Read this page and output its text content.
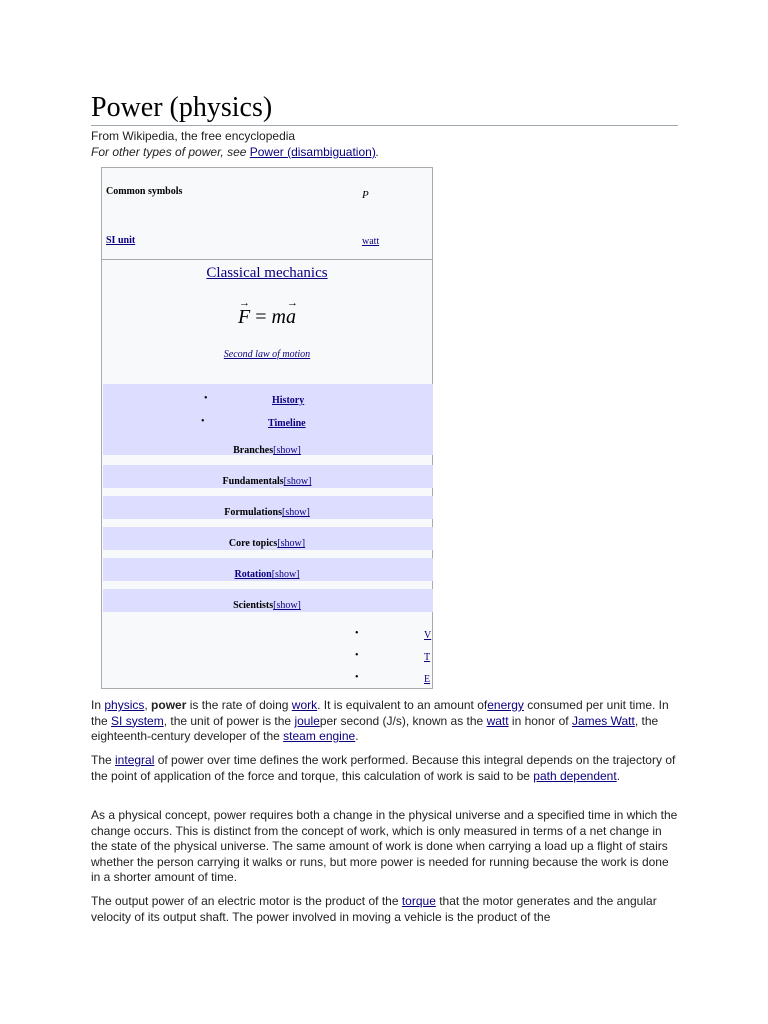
Power (physics)
From Wikipedia, the free encyclopedia
For other types of power, see Power (disambiguation).
Common symbols	P
SI unit	watt
Classical mechanics
→ F = m→ a
Second law of motion
•	History
•	Timeline
Branches[show]
Fundamentals[show]
Formulations[show]
Core topics[show]
Rotation[show]
Scientists[show]
•	V
•	T
•	E

In physics, power is the rate of doing work. It is equivalent to an amount ofenergy consumed per unit time. In the SI system, the unit of power is the jouleper second (J/s), known as the watt in honor of James Watt, the eighteenth-century developer of the steam engine.

The integral of power over time defines the work performed. Because this integral depends on the trajectory of the point of application of the force and torque, this calculation of work is said to be path dependent.

As a physical concept, power requires both a change in the physical universe and a specified time in which the change occurs. This is distinct from the concept of work, which is only measured in terms of a net change in the state of the physical universe. The same amount of work is done when carrying a load up a flight of stairs whether the person carrying it walks or runs, but more power is needed for running because the work is done in a shorter amount of time.

The output power of an electric motor is the product of the torque that the motor generates and the angular velocity of its output shaft. The power involved in moving a vehicle is the product of the
